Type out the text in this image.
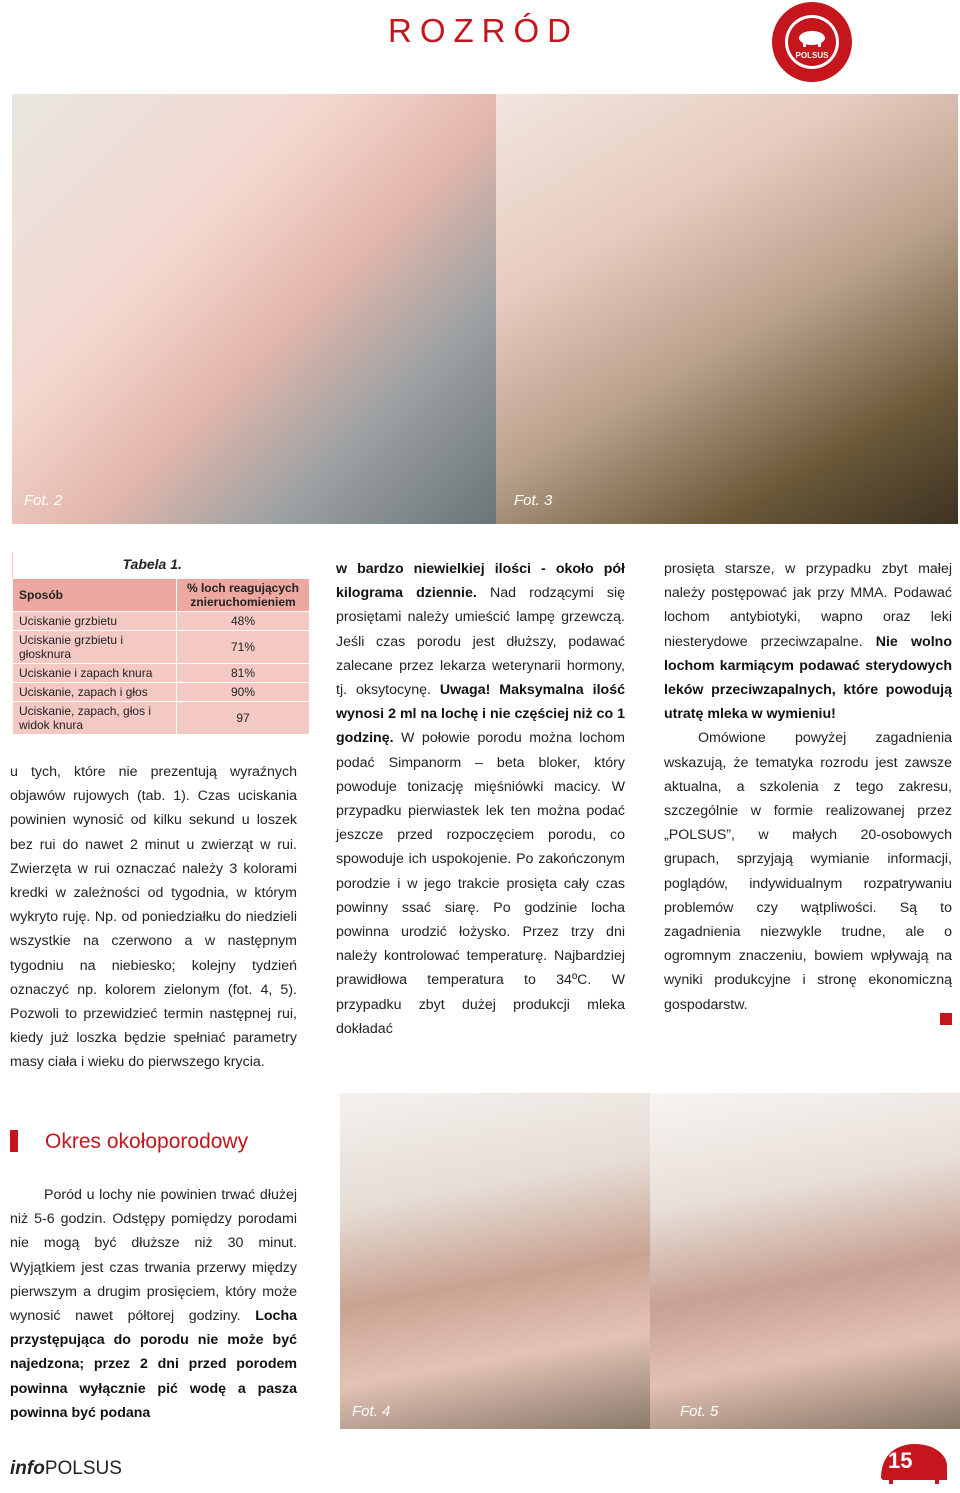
ROZRÓD
POLSUS
Fot. 2	Fot. 3
Tabela 1.	
Sposób	% loch reagujących znieruchomieniem
Uciskanie grzbietu	48%
Uciskanie grzbietu i głosknura	71%
Uciskanie i zapach knura	81%
Uciskanie, zapach i głos	90%
Uciskanie, zapach, głos i widok knura	97
u tych, które nie prezentują wyraźnych objawów rujowych (tab. 1). Czas uciskania powinien wynosić od kilku sekund u loszek bez rui do nawet 2 minut u zwierząt w rui. Zwierzęta w rui oznaczać należy 3 kolorami kredki w zależności od tygodnia, w którym wykryto ruję. Np. od poniedziałku do niedzieli wszystkie na czerwono a w następnym tygodniu na niebiesko; kolejny tydzień oznaczyć np. kolorem zielonym (fot. 4, 5). Pozwoli to przewidzieć termin następnej rui, kiedy już loszka będzie spełniać parametry masy ciała i wieku do pierwszego krycia.
Okres okołoporodowy
Poród u lochy nie powinien trwać dłużej niż 5-6 godzin. Odstępy pomiędzy porodami nie mogą być dłuższe niż 30 minut. Wyjątkiem jest czas trwania przerwy między pierwszym a drugim prosięciem, który może wynosić nawet półtorej godziny. Locha przystępująca do porodu nie może być najedzona; przez 2 dni przed porodem powinna wyłącznie pić wodę a pasza powinna być podana
w bardzo niewielkiej ilości - około pół kilograma dziennie. Nad rodzącymi się prosiętami należy umieścić lampę grzewczą. Jeśli czas porodu jest dłuższy, podawać zalecane przez lekarza weterynarii hormony, tj. oksytocynę. Uwaga! Maksymalna ilość wynosi 2 ml na lochę i nie częściej niż co 1 godzinę. W połowie porodu można lochom podać Simpanorm – beta bloker, który powoduje tonizację mięśniówki macicy. W przypadku pierwiastek lek ten można podać jeszcze przed rozpoczęciem porodu, co spowoduje ich uspokojenie. Po zakończonym porodzie i w jego trakcie prosięta cały czas powinny ssać siarę. Po godzinie locha powinna urodzić łożysko. Przez trzy dni należy kontrolować temperaturę. Najbardziej prawidłowa temperatura to 34ºC. W przypadku zbyt dużej produkcji mleka dokładać
prosięta starsze, w przypadku zbyt małej należy postępować jak przy MMA. Podawać lochom antybiotyki, wapno oraz leki niesterydowe przeciwzapalne. Nie wolno lochom karmiącym podawać sterydowych leków przeciwzapalnych, które powodują utratę mleka w wymieniu!
Omówione powyżej zagadnienia wskazują, że tematyka rozrodu jest zawsze aktualna, a szkolenia z tego zakresu, szczególnie w formie realizowanej przez „POLSUS”, w małych 20-osobowych grupach, sprzyjają wymianie informacji, poglądów, indywidualnym rozpatrywaniu problemów czy wątpliwości. Są to zagadnienia niezwykle trudne, ale o ogromnym znaczeniu, bowiem wpływają na wyniki produkcyjne i stronę ekonomiczną gospodarstw.
Fot. 4	Fot. 5
infoPOLSUS	15
